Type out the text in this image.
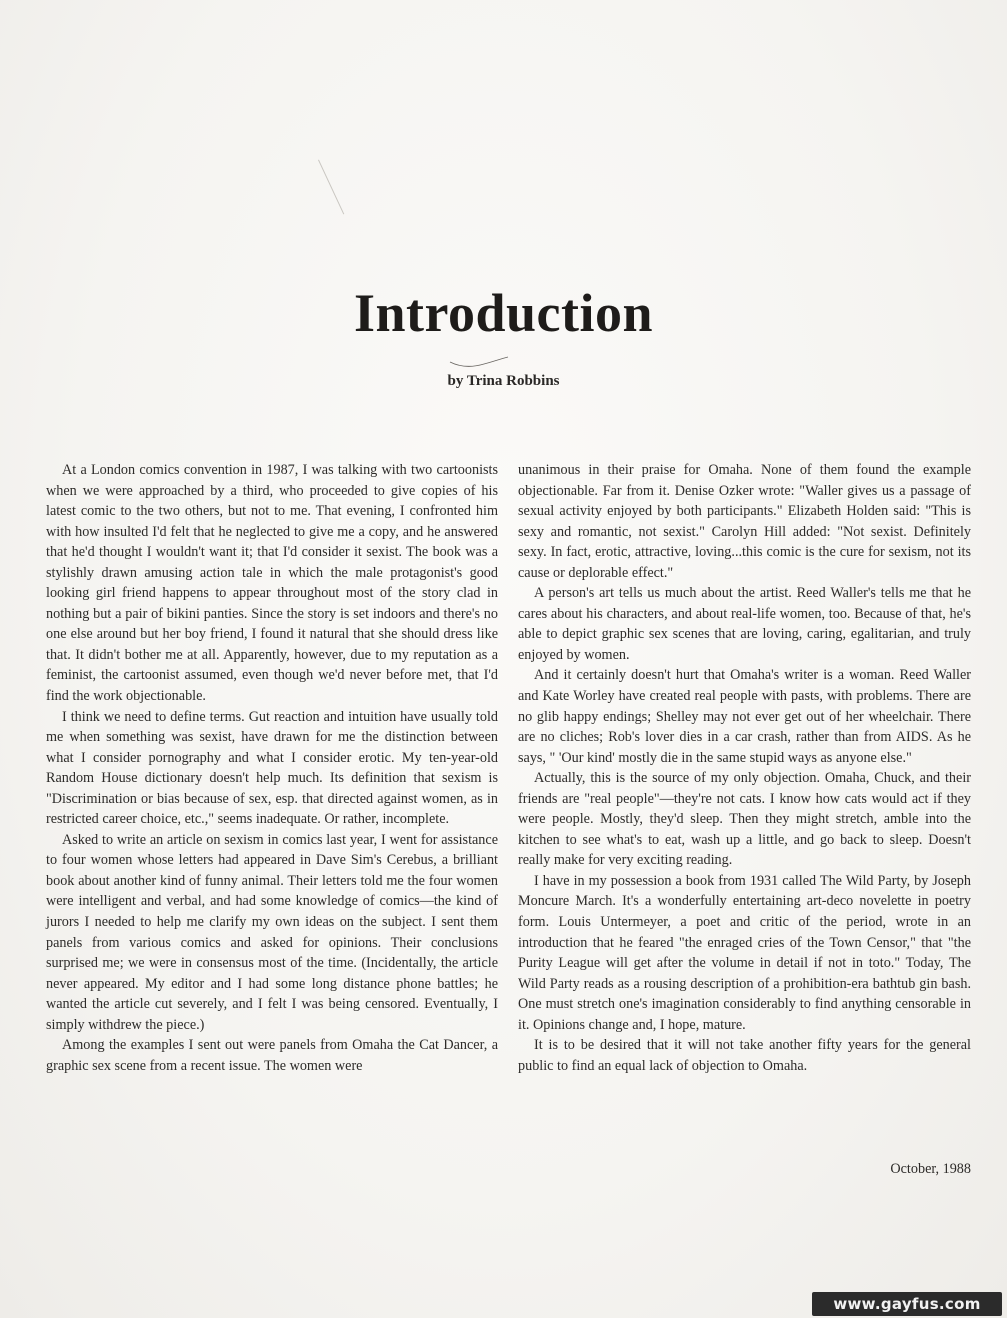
Introduction
by Trina Robbins

At a London comics convention in 1987, I was talking with two cartoonists when we were approached by a third, who proceeded to give copies of his latest comic to the two others, but not to me. That evening, I confronted him with how insulted I'd felt that he neglected to give me a copy, and he answered that he'd thought I wouldn't want it; that I'd consider it sexist. The book was a stylishly drawn amusing action tale in which the male protagonist's good looking girl friend happens to appear throughout most of the story clad in nothing but a pair of bikini panties. Since the story is set indoors and there's no one else around but her boy friend, I found it natural that she should dress like that. It didn't bother me at all. Apparently, however, due to my reputation as a feminist, the cartoonist assumed, even though we'd never before met, that I'd find the work objectionable.

I think we need to define terms. Gut reaction and intuition have usually told me when something was sexist, have drawn for me the distinction between what I consider pornography and what I consider erotic. My ten-year-old Random House dictionary doesn't help much. Its definition that sexism is "Discrimination or bias because of sex, esp. that directed against women, as in restricted career choice, etc.," seems inadequate. Or rather, incomplete.

Asked to write an article on sexism in comics last year, I went for assistance to four women whose letters had appeared in Dave Sim's Cerebus, a brilliant book about another kind of funny animal. Their letters told me the four women were intelligent and verbal, and had some knowledge of comics—the kind of jurors I needed to help me clarify my own ideas on the subject. I sent them panels from various comics and asked for opinions. Their conclusions surprised me; we were in consensus most of the time. (Incidentally, the article never appeared. My editor and I had some long distance phone battles; he wanted the article cut severely, and I felt I was being censored. Eventually, I simply withdrew the piece.)

Among the examples I sent out were panels from Omaha the Cat Dancer, a graphic sex scene from a recent issue. The women were

unanimous in their praise for Omaha. None of them found the example objectionable. Far from it. Denise Ozker wrote: "Waller gives us a passage of sexual activity enjoyed by both participants." Elizabeth Holden said: "This is sexy and romantic, not sexist." Carolyn Hill added: "Not sexist. Definitely sexy. In fact, erotic, attractive, loving...this comic is the cure for sexism, not its cause or deplorable effect."

A person's art tells us much about the artist. Reed Waller's tells me that he cares about his characters, and about real-life women, too. Because of that, he's able to depict graphic sex scenes that are loving, caring, egalitarian, and truly enjoyed by women.

And it certainly doesn't hurt that Omaha's writer is a woman. Reed Waller and Kate Worley have created real people with pasts, with problems. There are no glib happy endings; Shelley may not ever get out of her wheelchair. There are no cliches; Rob's lover dies in a car crash, rather than from AIDS. As he says, " 'Our kind' mostly die in the same stupid ways as anyone else."

Actually, this is the source of my only objection. Omaha, Chuck, and their friends are "real people"—they're not cats. I know how cats would act if they were people. Mostly, they'd sleep. Then they might stretch, amble into the kitchen to see what's to eat, wash up a little, and go back to sleep. Doesn't really make for very exciting reading.

I have in my possession a book from 1931 called The Wild Party, by Joseph Moncure March. It's a wonderfully entertaining art-deco novelette in poetry form. Louis Untermeyer, a poet and critic of the period, wrote in an introduction that he feared "the enraged cries of the Town Censor," that "the Purity League will get after the volume in detail if not in toto." Today, The Wild Party reads as a rousing description of a prohibition-era bathtub gin bash. One must stretch one's imagination considerably to find anything censorable in it. Opinions change and, I hope, mature.

It is to be desired that it will not take another fifty years for the general public to find an equal lack of objection to Omaha.

October, 1988
www.gayfus.com
